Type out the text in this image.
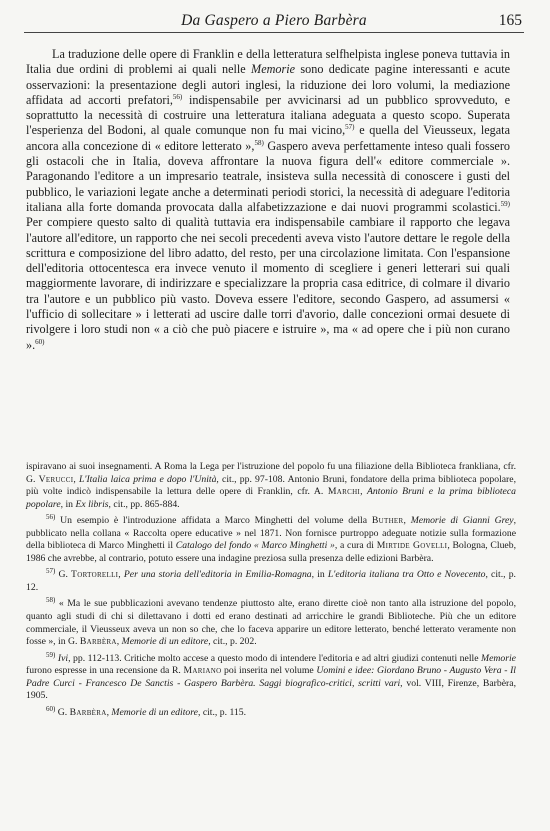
Da Gaspero a Piero Barbèra	165

La traduzione delle opere di Franklin e della letteratura selfhelpista inglese poneva tuttavia in Italia due ordini di problemi ai quali nelle Memorie sono dedicate pagine interessanti e acute osservazioni: la presentazione degli autori inglesi, la riduzione dei loro volumi, la mediazione affidata ad accorti prefatori,$^{56)}$ indispensabile per avvicinarsi ad un pubblico sprovveduto, e soprattutto la necessità di costruire una letteratura italiana adeguata a questo scopo. Superata l'esperienza del Bodoni, al quale comunque non fu mai vicino,$^{57)}$ e quella del Vieusseux, legata ancora alla concezione di « editore letterato »,$^{58)}$ Gaspero aveva perfettamente inteso quali fossero gli ostacoli che in Italia, doveva affrontare la nuova figura dell'« editore commerciale ». Paragonando l'editore a un impresario teatrale, insisteva sulla necessità di conoscere i gusti del pubblico, le variazioni legate anche a determinati periodi storici, la necessità di adeguare l'editoria italiana alla forte domanda provocata dalla alfabetizzazione e dai nuovi programmi scolastici.$^{59)}$ Per compiere questo salto di qualità tuttavia era indispensabile cambiare il rapporto che legava l'autore all'editore, un rapporto che nei secoli precedenti aveva visto l'autore dettare le regole della scrittura e composizione del libro adatto, del resto, per una circolazione limitata. Con l'espansione dell'editoria ottocentesca era invece venuto il momento di scegliere i generi letterari sui quali maggiormente lavorare, di indirizzare e specializzare la propria casa editrice, di colmare il divario tra l'autore e un pubblico più vasto. Doveva essere l'editore, secondo Gaspero, ad assumersi « l'ufficio di sollecitare » i letterati ad uscire dalle torri d'avorio, dalle concezioni ormai desuete di rivolgere i loro studi non « a ciò che può piacere e istruire », ma « ad opere che i più non curano ».$^{60)}$

ispiravano ai suoi insegnamenti. A Roma la Lega per l'istruzione del popolo fu una filiazione della Biblioteca frankliana, cfr. G. Verucci, L'Italia laica prima e dopo l'Unità, cit., pp. 97-108. Antonio Bruni, fondatore della prima biblioteca popolare, più volte indicò indispensabile la lettura delle opere di Franklin, cfr. A. Marchi, Antonio Bruni e la prima biblioteca popolare, in Ex libris, cit., pp. 865-884.

$^{56)}$ Un esempio è l'introduzione affidata a Marco Minghetti del volume della Buther, Memorie di Gianni Grey, pubblicato nella collana « Raccolta opere educative » nel 1871. Non fornisce purtroppo adeguate notizie sulla formazione della biblioteca di Marco Minghetti il Catalogo del fondo « Marco Minghetti », a cura di Mirtide Govelli, Bologna, Clueb, 1986 che avrebbe, al contrario, potuto essere una indagine preziosa sulla presenza delle edizioni Barbèra.

$^{57)}$ G. Tortorelli, Per una storia dell'editoria in Emilia-Romagna, in L'editoria italiana tra Otto e Novecento, cit., p. 12.

$^{58)}$ « Ma le sue pubblicazioni avevano tendenze piuttosto alte, erano dirette cioè non tanto alla istruzione del popolo, quanto agli studi di chi si dilettavano i dotti ed erano destinati ad arricchire le grandi Biblioteche. Più che un editore commerciale, il Vieusseux aveva un non so che, che lo faceva apparire un editore letterato, benché letterato veramente non fosse », in G. Barbèra, Memorie di un editore, cit., p. 202.

$^{59)}$ Ivi, pp. 112-113. Critiche molto accese a questo modo di intendere l'editoria e ad altri giudizi contenuti nelle Memorie furono espresse in una recensione da R. Mariano poi inserita nel volume Uomini e idee: Giordano Bruno - Augusto Vera - Il Padre Curci - Francesco De Sanctis - Gaspero Barbèra. Saggi biografico-critici, scritti vari, vol. VIII, Firenze, Barbèra, 1905.

$^{60)}$ G. Barbèra, Memorie di un editore, cit., p. 115.
